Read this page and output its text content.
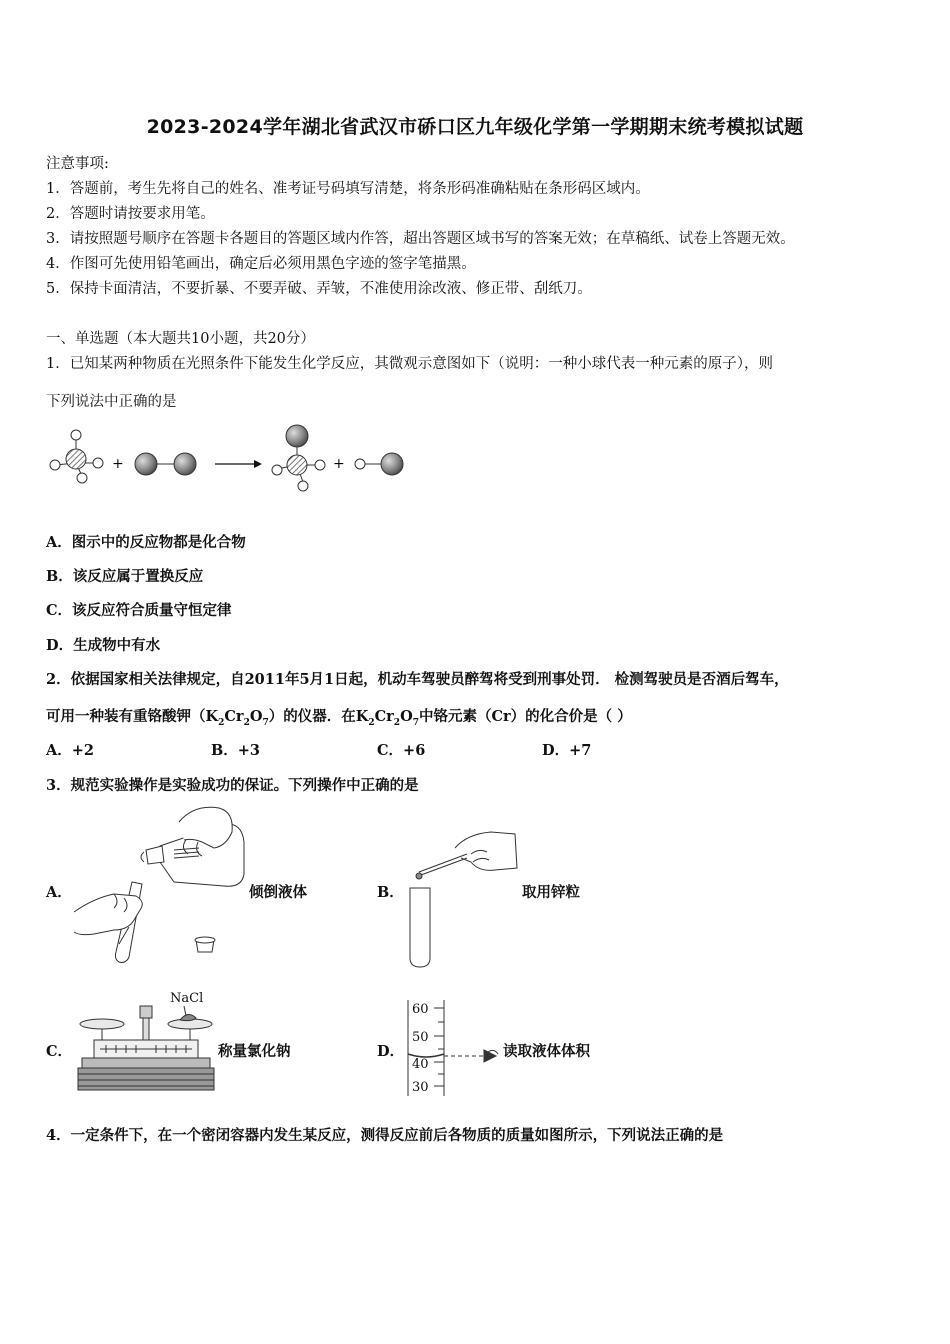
2023-2024学年湖北省武汉市硚口区九年级化学第一学期期末统考模拟试题
注意事项:
1．答题前，考生先将自己的姓名、准考证号码填写清楚，将条形码准确粘贴在条形码区域内。
2．答题时请按要求用笔。
3．请按照题号顺序在答题卡各题目的答题区域内作答，超出答题区域书写的答案无效；在草稿纸、试卷上答题无效。
4．作图可先使用铅笔画出，确定后必须用黑色字迹的签字笔描黑。
5．保持卡面清洁，不要折暴、不要弄破、弄皱，不准使用涂改液、修正带、刮纸刀。
一、单选题（本大题共10小题，共20分）
1．已知某两种物质在光照条件下能发生化学反应，其微观示意图如下（说明：一种小球代表一种元素的原子），则
下列说法中正确的是
+	+
A．图示中的反应物都是化合物
B．该反应属于置换反应
C．该反应符合质量守恒定律
D．生成物中有水
2．依据国家相关法律规定，自2011年5月1日起，机动车驾驶员醉驾将受到刑事处罚． 检测驾驶员是否酒后驾车，
可用一种装有重铬酸钾$(K_2Cr_2O_7)$的仪器．在$K_2Cr_2O_7$中铬元素（Cr）的化合价是（ ）
A．+2	B．+3	C．+6	D．+7
3．规范实验操作是实验成功的保证。下列操作中正确的是
A．	倾倒液体	B．	取用锌粒
C．
NaCl
称量氯化钠	D．
60
50
40
30
读取液体体积
4．一定条件下，在一个密闭容器内发生某反应，测得反应前后各物质的质量如图所示，下列说法正确的是
